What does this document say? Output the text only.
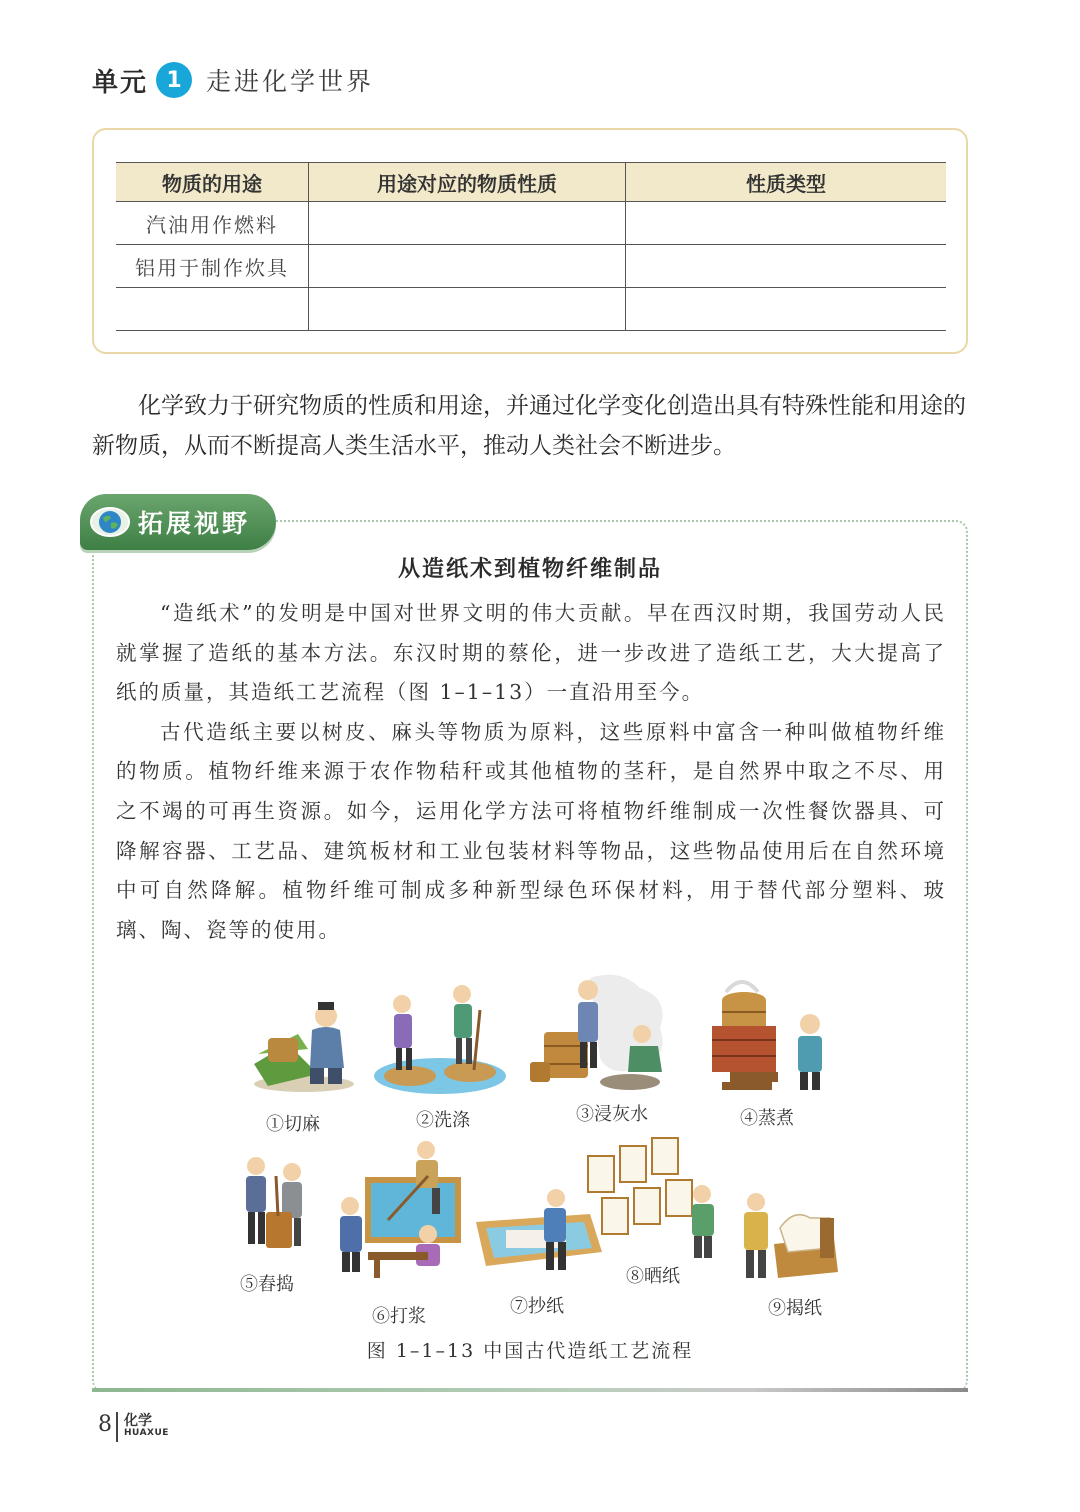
单元 1 走进化学世界
物质的用途	用途对应的物质性质	性质类型
汽油用作燃料		
铝用于制作炊具		

化学致力于研究物质的性质和用途，并通过化学变化创造出具有特殊性能和用途的新物质，从而不断提高人类生活水平，推动人类社会不断进步。

拓展视野
从造纸术到植物纤维制品

“造纸术”的发明是中国对世界文明的伟大贡献。早在西汉时期，我国劳动人民就掌握了造纸的基本方法。东汉时期的蔡伦，进一步改进了造纸工艺，大大提高了纸的质量，其造纸工艺流程（图 1–1–13）一直沿用至今。

古代造纸主要以树皮、麻头等物质为原料，这些原料中富含一种叫做植物纤维的物质。植物纤维来源于农作物秸秆或其他植物的茎秆，是自然界中取之不尽、用之不竭的可再生资源。如今，运用化学方法可将植物纤维制成一次性餐饮器具、可降解容器、工艺品、建筑板材和工业包装材料等物品，这些物品使用后在自然环境中可自然降解。植物纤维可制成多种新型绿色环保材料，用于替代部分塑料、玻璃、陶、瓷等的使用。

①切麻	②洗涤	③浸灰水	④蒸煮
⑤舂捣
⑥打浆	⑦抄纸
⑧晒纸
⑨揭纸
图 1–1–13 中国古代造纸工艺流程
8 化学
HUAXUE
